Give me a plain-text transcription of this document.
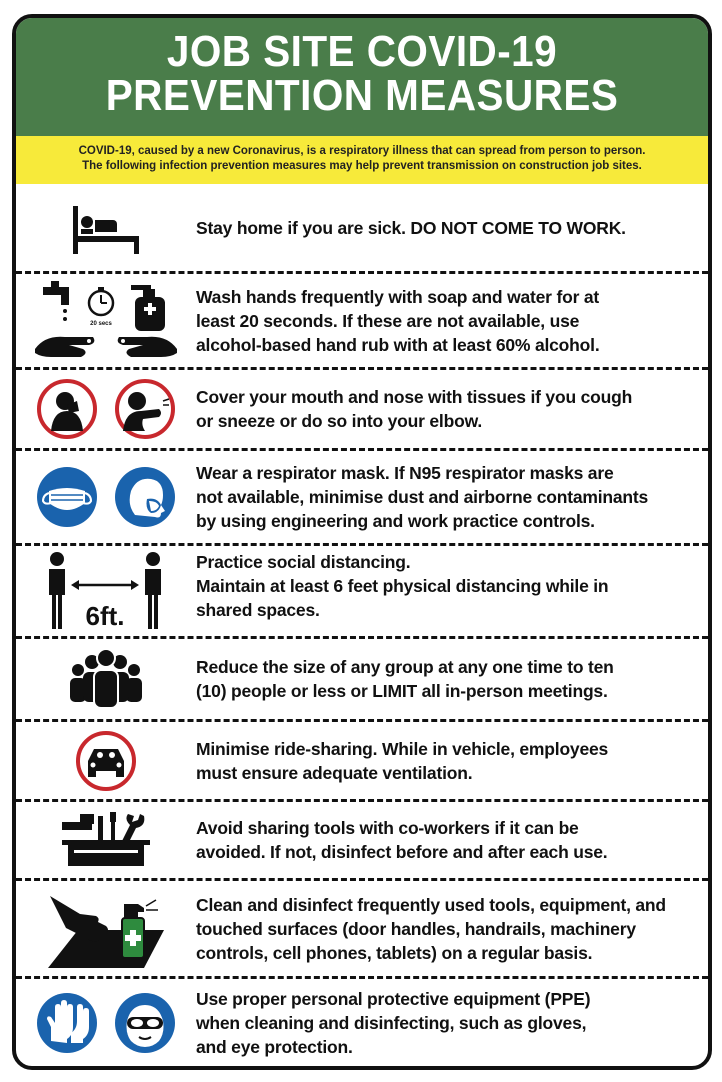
JOB SITE COVID-19
PREVENTION MEASURES
COVID-19, caused by a new Coronavirus, is a respiratory illness that can spread from person to person.
The following infection prevention measures may help prevent transmission on construction job sites.
Stay home if you are sick. DO NOT COME TO WORK.
20 secs
Wash hands frequently with soap and water for at
least 20 seconds. If these are not available, use
alcohol-based hand rub with at least 60% alcohol.
Cover your mouth and nose with tissues if you cough
or sneeze or do so into your elbow.
Wear a respirator mask. If N95 respirator masks are
not available, minimise dust and airborne contaminants
by using engineering and work practice controls.
6ft.
Practice social distancing.
Maintain at least 6 feet physical distancing while in
shared spaces.
Reduce the size of any group at any one time to ten
(10) people or less or LIMIT all in-person meetings.
Minimise ride-sharing. While in vehicle, employees
must ensure adequate ventilation.
Avoid sharing tools with co-workers if it can be
avoided. If not, disinfect before and after each use.
Clean and disinfect frequently used tools, equipment, and
touched surfaces (door handles, handrails, machinery
controls, cell phones, tablets) on a regular basis.
Use proper personal protective equipment (PPE)
when cleaning and disinfecting, such as gloves,
and eye protection.
